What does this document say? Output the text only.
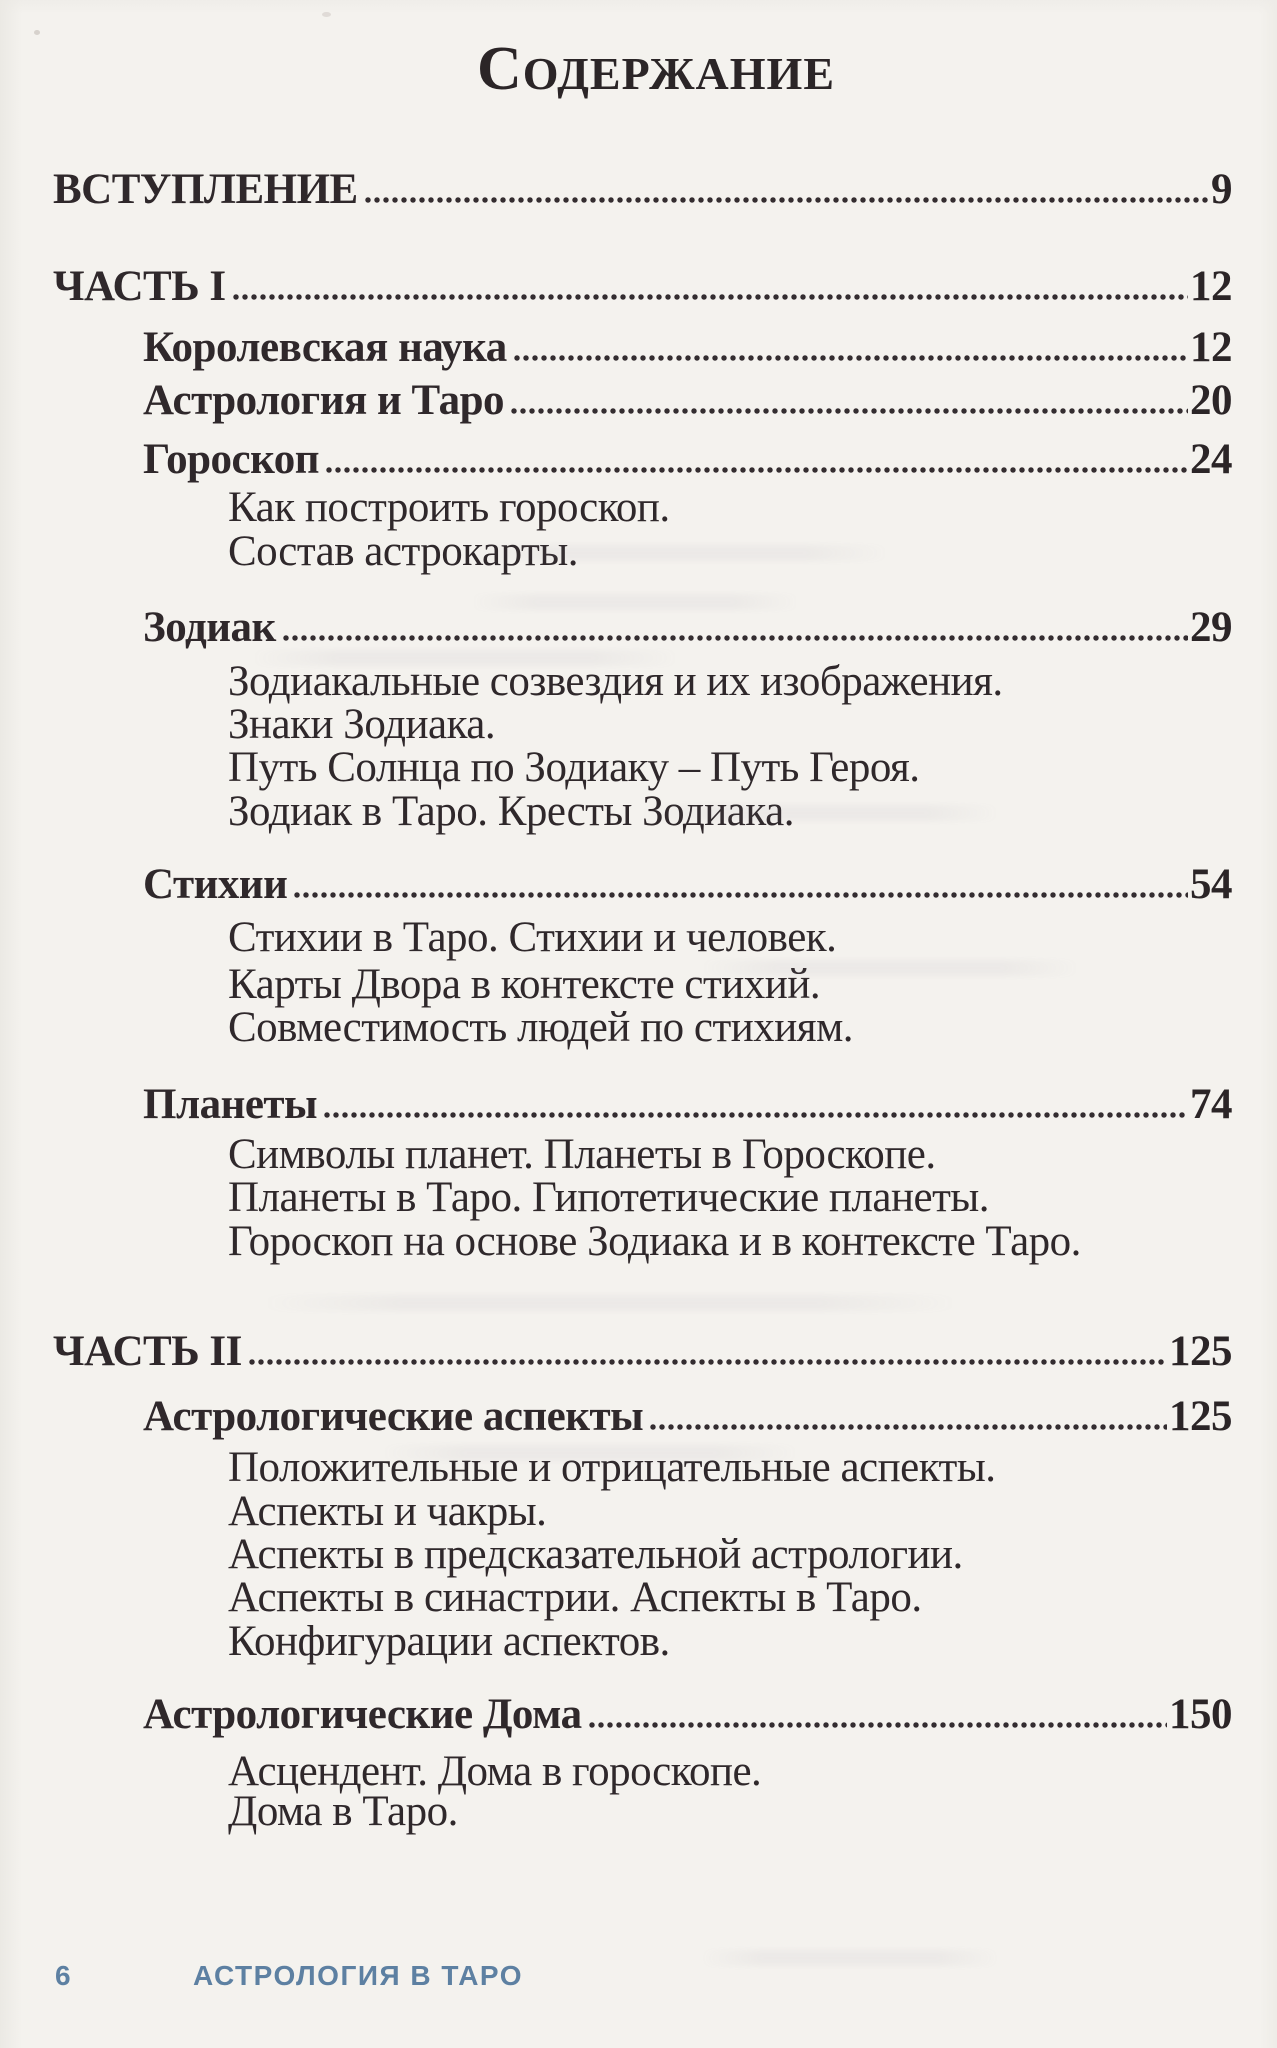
СОДЕРЖАНИЕ
ВСТУПЛЕНИЕ	9
ЧАСТЬ I	12
Королевская наука	12
Астрология и Таро	20
Гороскоп	24
Как построить гороскоп.
Состав астрокарты.
Зодиак	29
Зодиакальные созвездия и их изображения.
Знаки Зодиака.
Путь Солнца по Зодиаку – Путь Героя.
Зодиак в Таро. Кресты Зодиака.
Стихии	54
Стихии в Таро. Стихии и человек.
Карты Двора в контексте стихий.
Совместимость людей по стихиям.
Планеты	74
Символы планет. Планеты в Гороскопе.
Планеты в Таро. Гипотетические планеты.
Гороскоп на основе Зодиака и в контексте Таро.
ЧАСТЬ II	125
Астрологические аспекты	125
Положительные и отрицательные аспекты.
Аспекты и чакры.
Аспекты в предсказательной астрологии.
Аспекты в синастрии. Аспекты в Таро.
Конфигурации аспектов.
Астрологические Дома	150
Асцендент. Дома в гороскопе.
Дома в Таро.
6	АСТРОЛОГИЯ В ТАРО
